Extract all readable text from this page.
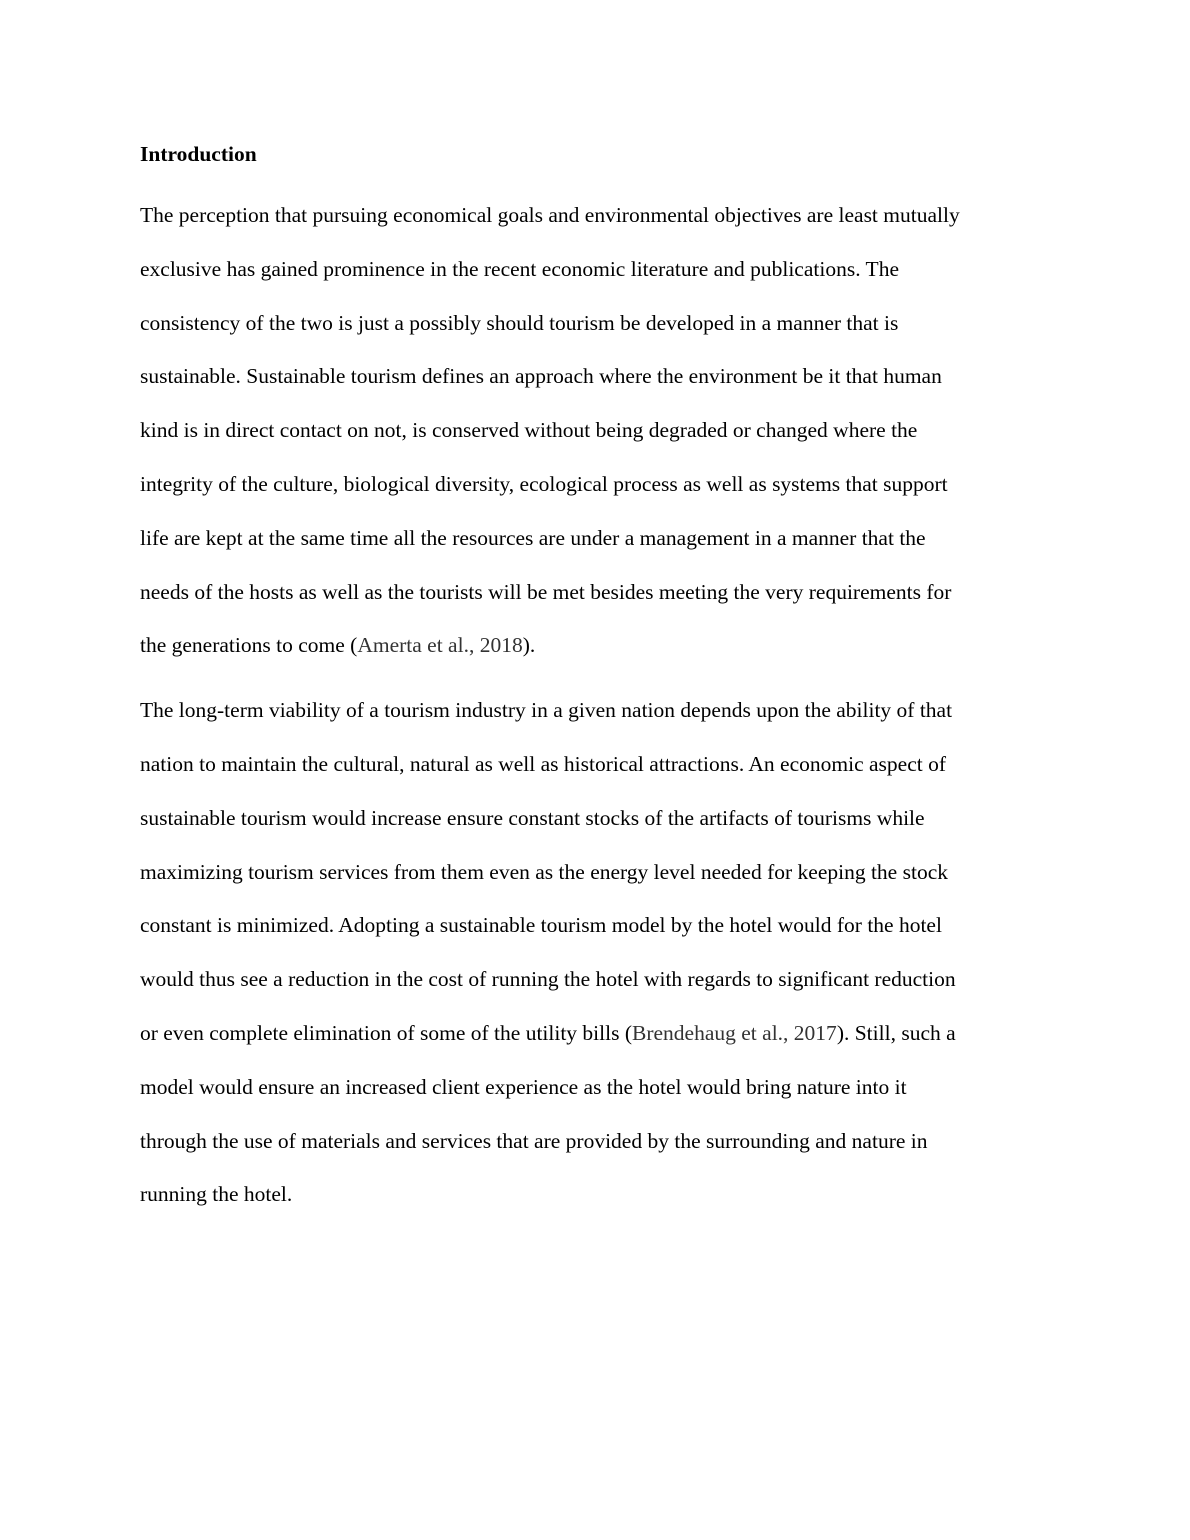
Introduction
The perception that pursuing economical goals and environmental objectives are least mutually
exclusive has gained prominence in the recent economic literature and publications. The
consistency of the two is just a possibly should tourism be developed in a manner that is
sustainable. Sustainable tourism defines an approach where the environment be it that human
kind is in direct contact on not, is conserved without being degraded or changed where the
integrity of the culture, biological diversity, ecological process as well as systems that support
life are kept at the same time all the resources are under a management in a manner that the
needs of the hosts as well as the tourists will be met besides meeting the very requirements for
the generations to come (Amerta et al., 2018).
The long-term viability of a tourism industry in a given nation depends upon the ability of that
nation to maintain the cultural, natural as well as historical attractions. An economic aspect of
sustainable tourism would increase ensure constant stocks of the artifacts of tourisms while
maximizing tourism services from them even as the energy level needed for keeping the stock
constant is minimized. Adopting a sustainable tourism model by the hotel would for the hotel
would thus see a reduction in the cost of running the hotel with regards to significant reduction
or even complete elimination of some of the utility bills (Brendehaug et al., 2017). Still, such a
model would ensure an increased client experience as the hotel would bring nature into it
through the use of materials and services that are provided by the surrounding and nature in
running the hotel.
